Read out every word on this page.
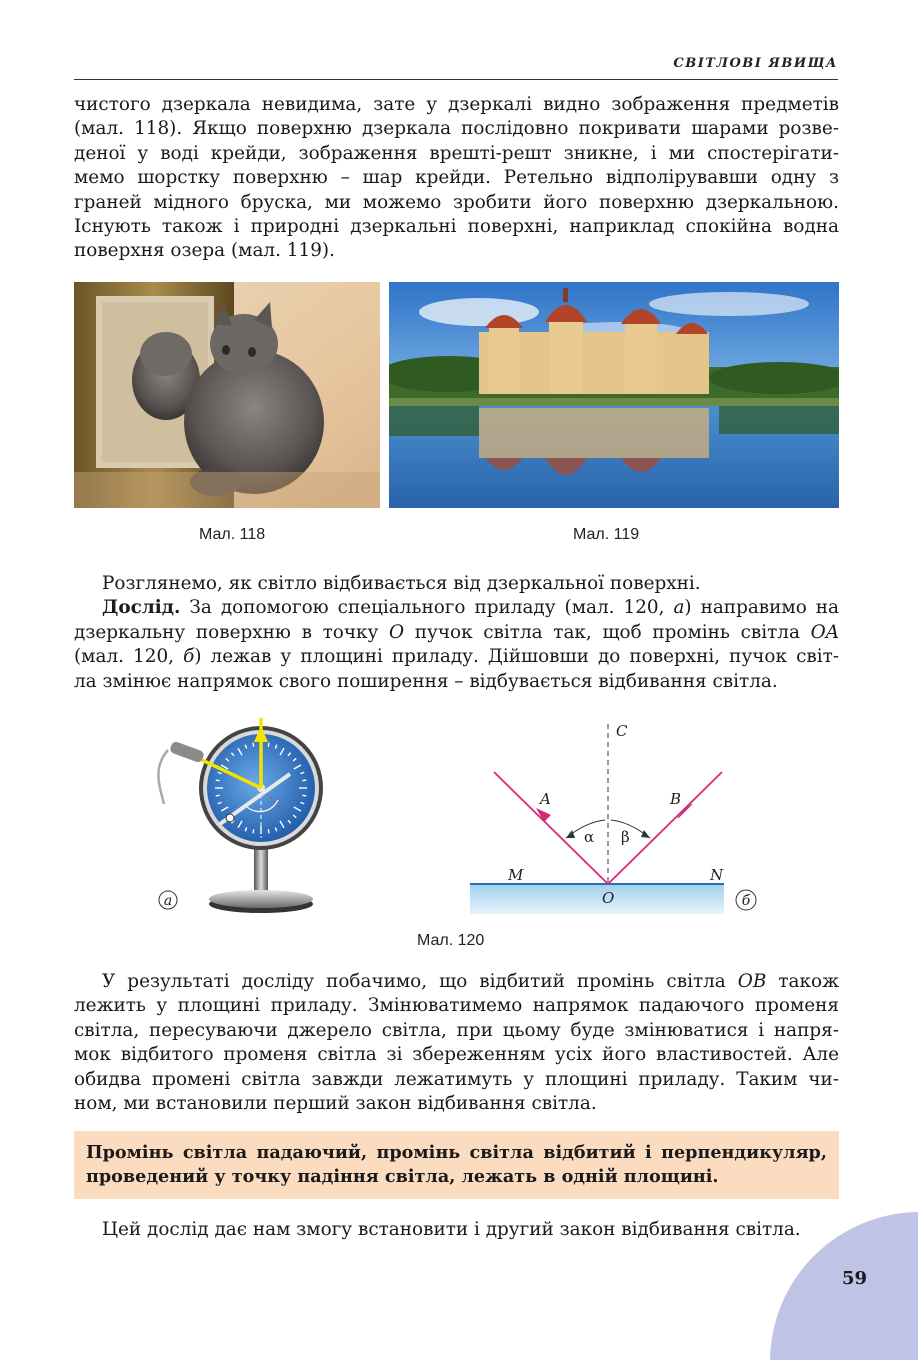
СВІТЛОВІ ЯВИЩА
чистого дзеркала невидима, зате у дзеркалі видно зображення предметів
(мал. 118). Якщо поверхню дзеркала послідовно покривати шарами розве-
деної у воді крейди, зображення врешті-решт зникне, і ми спостерігати-
мемо шорстку поверхню – шар крейди. Ретельно відполірувавши одну з
граней мідного бруска, ми можемо зробити його поверхню дзеркальною.
Існують також і природні дзеркальні поверхні, наприклад спокійна водна
поверхня озера (мал. 119).
Мал. 118	Мал. 119
Розглянемо, як світло відбивається від дзеркальної поверхні.
Дослід. За допомогою спеціального приладу (мал. 120, а) направимо на
дзеркальну поверхню в точку O пучок світла так, щоб промінь світла OA
(мал. 120, б) лежав у площині приладу. Дійшовши до поверхні, пучок світ-
ла змінює напрямок свого поширення – відбувається відбивання світла.
а
C
A	B
α β
M	N
O	б
Мал. 120
У результаті досліду побачимо, що відбитий промінь світла OB також
лежить у площині приладу. Змінюватимемо напрямок падаючого променя
світла, пересуваючи джерело світла, при цьому буде змінюватися і напря-
мок відбитого променя світла зі збереженням усіх його властивостей. Але
обидва промені світла завжди лежатимуть у площині приладу. Таким чи-
ном, ми встановили перший закон відбивання світла.
Промінь світла падаючий, промінь світла відбитий і перпендикуляр,
проведений у точку падіння світла, лежать в одній площині.
Цей дослід дає нам змогу встановити і другий закон відбивання світла.
59
